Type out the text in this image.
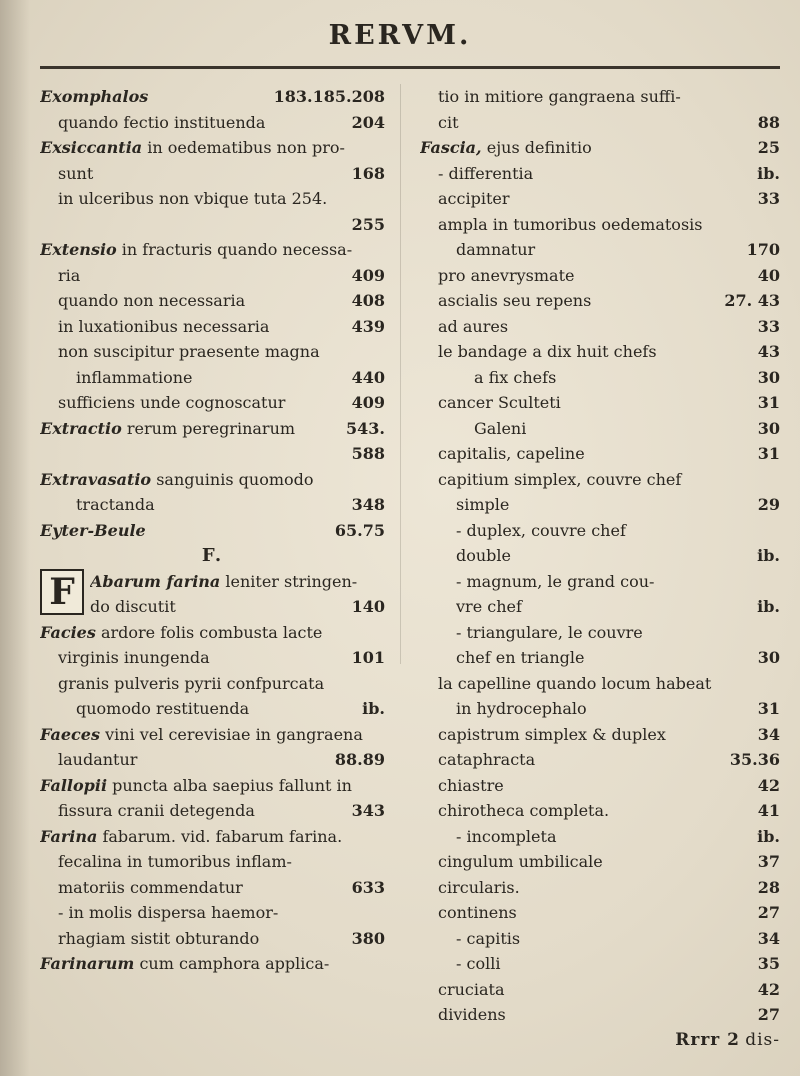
RERVM.
Exomphalos	183.185.208
quando fectio instituenda	204
Exsiccantia in oedematibus non pro-
sunt	168
in ulceribus non vbique tuta 254.
255
Extensio in fracturis quando necessa-
ria	409
quando non necessaria	408
in luxationibus necessaria	439
non suscipitur praesente magna
inflammatione	440
sufficiens unde cognoscatur	409
Extractio rerum peregrinarum	543.
588
Extravasatio sanguinis quomodo
tractanda	348
Eyter-Beule	65.75
F.
F Abarum farina leniter stringen-
do discutit	140
Facies ardore folis combusta lacte
virginis inungenda	101
granis pulveris pyrii confpurcata
quomodo restituenda	ib.
Faeces vini vel cerevisiae in gangraena
laudantur	88.89
Fallopii puncta alba saepius fallunt in
fissura cranii detegenda	343
Farina fabarum. vid. fabarum farina.
fecalina in tumoribus inflam-
matoriis commendatur	633
- in molis dispersa haemor-
rhagiam sistit obturando	380
Farinarum cum camphora applica-
tio in mitiore gangraena suffi-
cit	88
Fascia, ejus definitio	25
- differentia	ib.
accipiter	33
ampla in tumoribus oedematosis
damnatur	170
pro anevrysmate	40
ascialis seu repens	27. 43
ad aures	33
le bandage a dix huit chefs	43
a fix chefs	30
cancer Sculteti	31
Galeni	30
capitalis, capeline	31
capitium simplex, couvre chef
simple	29
- duplex, couvre chef
double	ib.
- magnum, le grand cou-
vre chef	ib.
- triangulare, le couvre
chef en triangle	30
la capelline quando locum habeat
in hydrocephalo	31
capistrum simplex & duplex	34
cataphracta	35.36
chiastre	42
chirotheca completa.	41
- incompleta	ib.
cingulum umbilicale	37
circularis.	28
continens	27
- capitis	34
- colli	35
cruciata	42
dividens	27
Rrrr 2 dis-
